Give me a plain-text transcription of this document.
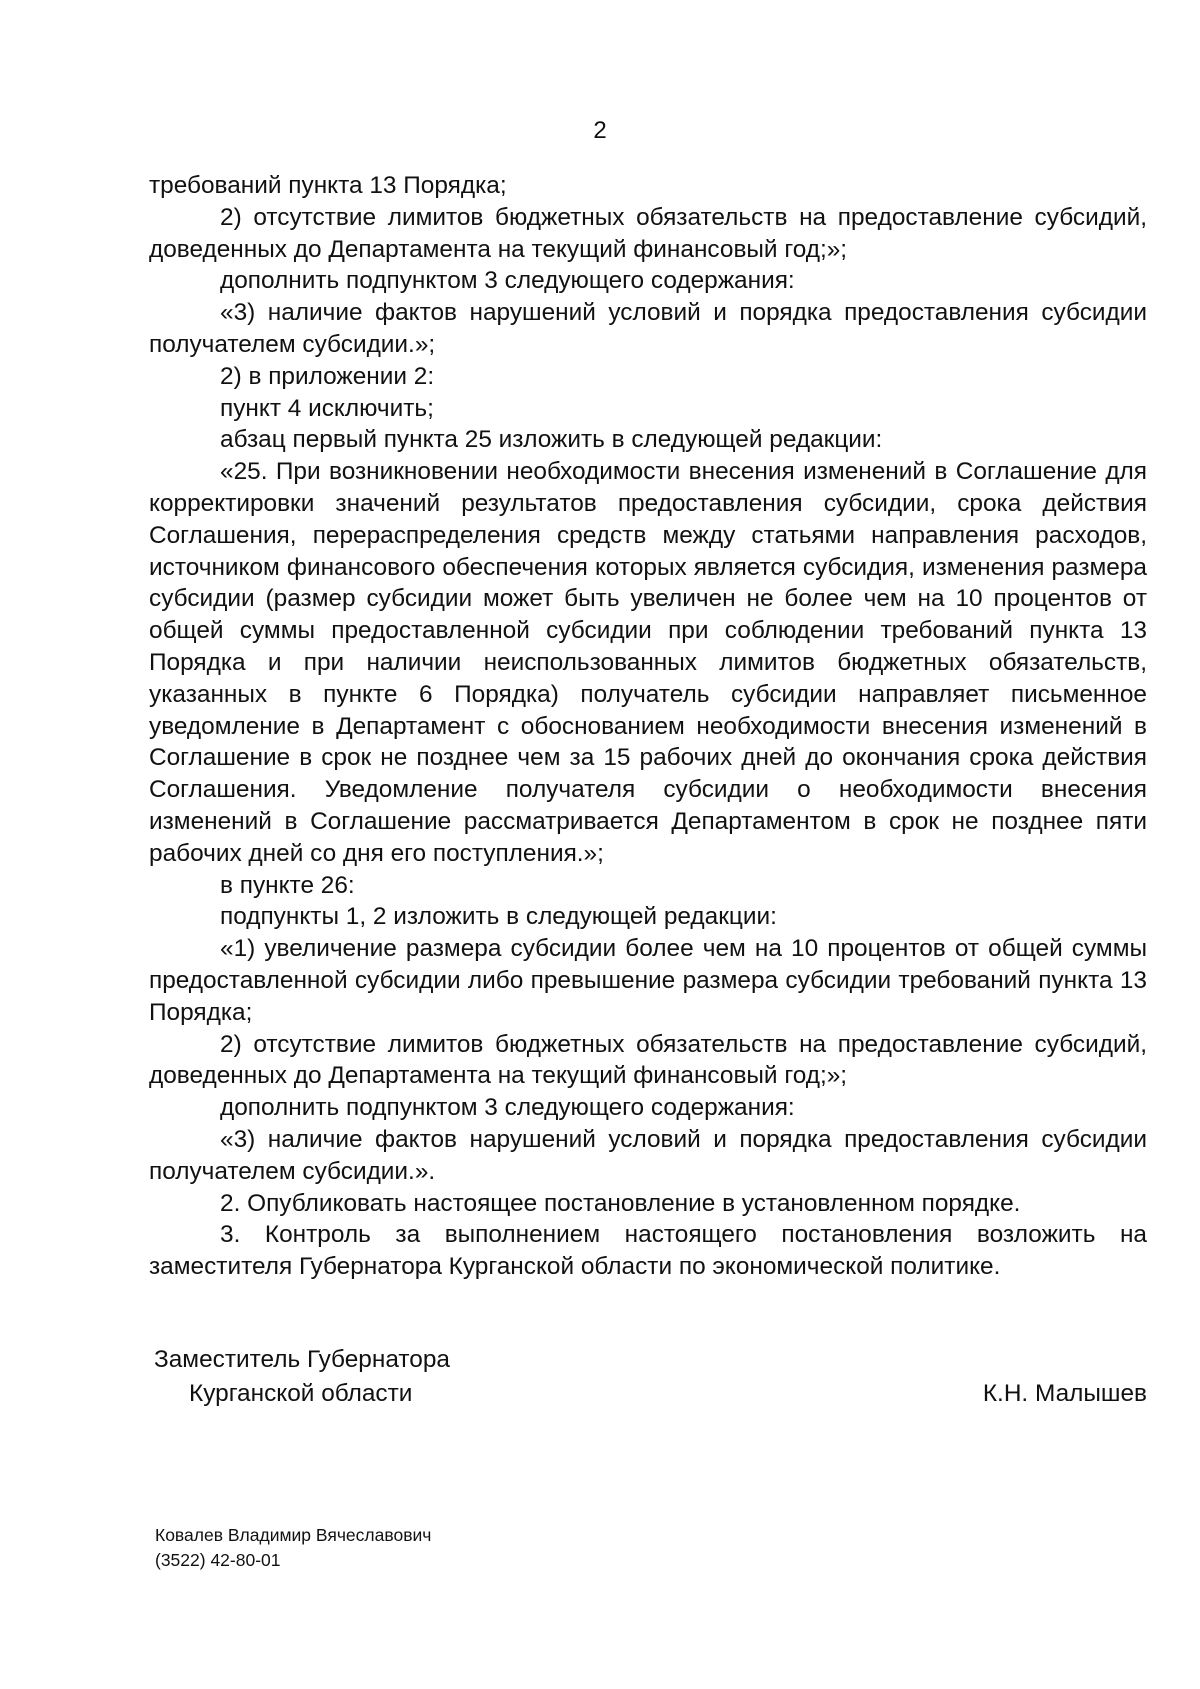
2

требований пункта 13 Порядка;

2) отсутствие лимитов бюджетных обязательств на предоставление субсидий, доведенных до Департамента на текущий финансовый год;»;

дополнить подпунктом 3 следующего содержания:

«3) наличие фактов нарушений условий и порядка предоставления субсидии получателем субсидии.»;

2) в приложении 2:

пункт 4 исключить;

абзац первый пункта 25 изложить в следующей редакции:

«25. При возникновении необходимости внесения изменений в Соглашение для корректировки значений результатов предоставления субсидии, срока действия Соглашения, перераспределения средств между статьями направления расходов, источником финансового обеспечения которых является субсидия, изменения размера субсидии (размер субсидии может быть увеличен не более чем на 10 процентов от общей суммы предоставленной субсидии при соблюдении требований пункта 13 Порядка и при наличии неиспользованных лимитов бюджетных обязательств, указанных в пункте 6 Порядка) получатель субсидии направляет письменное уведомление в Департамент с обоснованием необходимости внесения изменений в Соглашение в срок не позднее чем за 15 рабочих дней до окончания срока действия Соглашения. Уведомление получателя субсидии о необходимости внесения изменений в Соглашение рассматривается Департаментом в срок не позднее пяти рабочих дней со дня его поступления.»;

в пункте 26:

подпункты 1, 2 изложить в следующей редакции:

«1) увеличение размера субсидии более чем на 10 процентов от общей суммы предоставленной субсидии либо превышение размера субсидии требований пункта 13 Порядка;

2) отсутствие лимитов бюджетных обязательств на предоставление субсидий, доведенных до Департамента на текущий финансовый год;»;

дополнить подпунктом 3 следующего содержания:

«3) наличие фактов нарушений условий и порядка предоставления субсидии получателем субсидии.».

2. Опубликовать настоящее постановление в установленном порядке.

3. Контроль за выполнением настоящего постановления возложить на заместителя Губернатора Курганской области по экономической политике.

Заместитель Губернатора
Курганской области	К.Н. Малышев
Ковалев Владимир Вячеславович
(3522) 42-80-01
